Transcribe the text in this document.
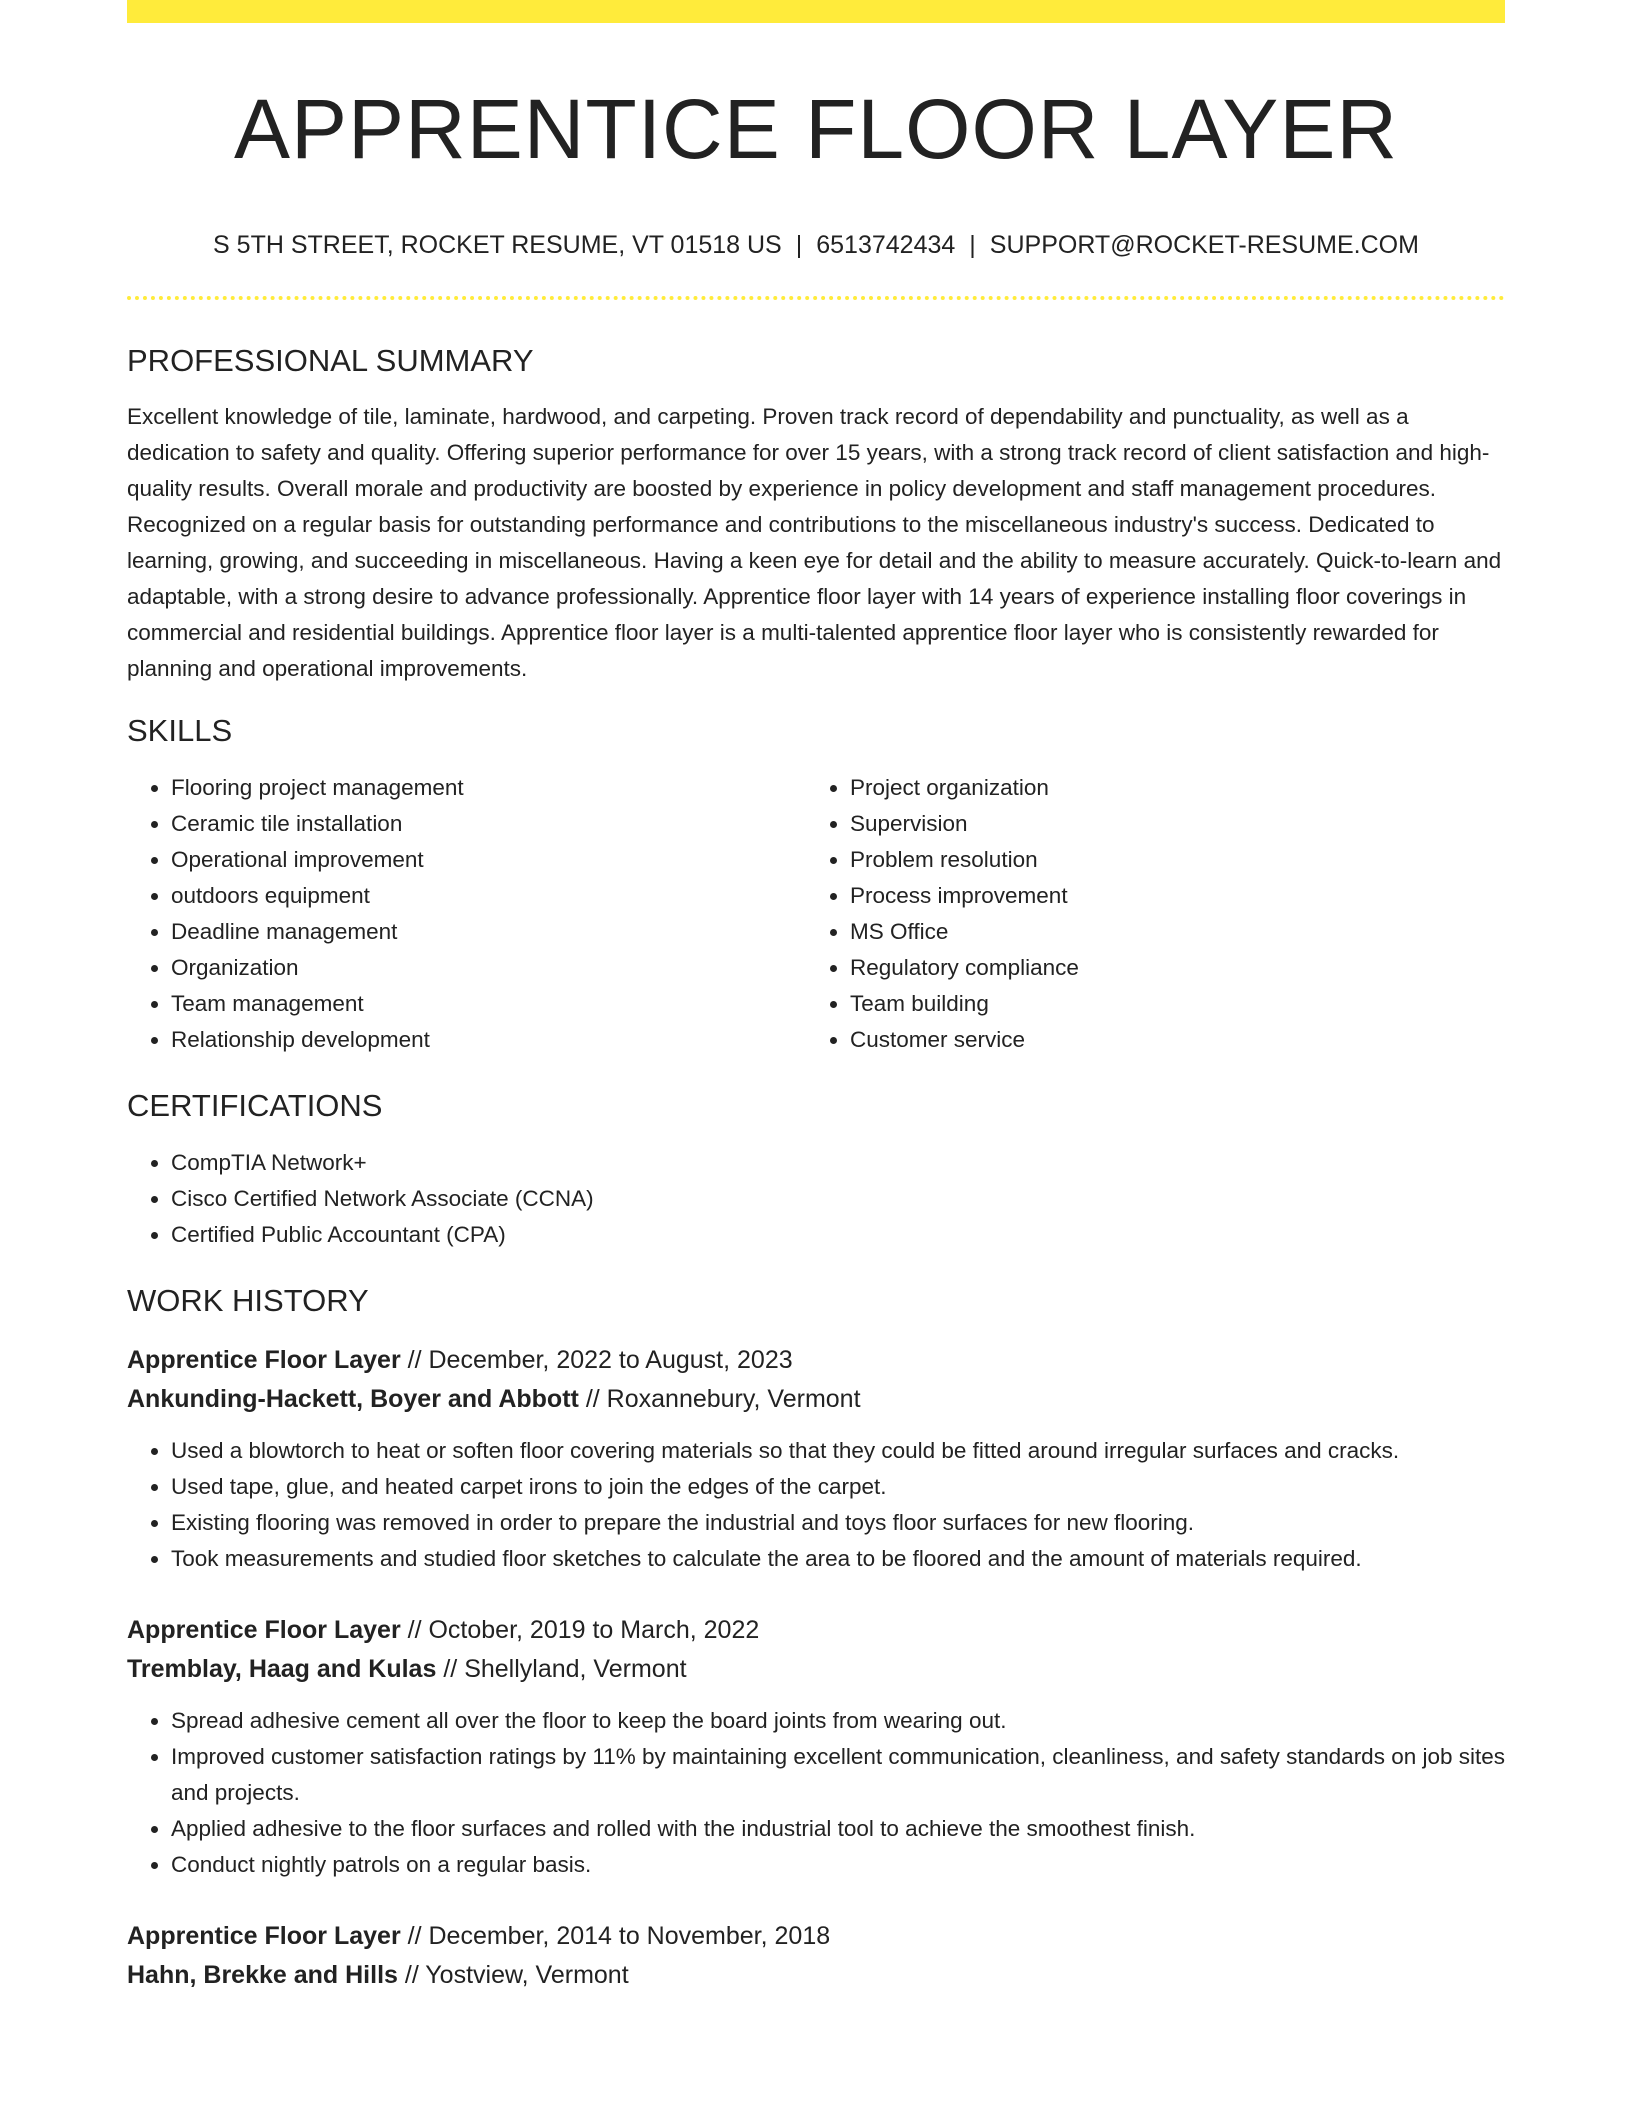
APPRENTICE FLOOR LAYER
S 5TH STREET, ROCKET RESUME, VT 01518 US | 6513742434 | SUPPORT@ROCKET-RESUME.COM
PROFESSIONAL SUMMARY

Excellent knowledge of tile, laminate, hardwood, and carpeting. Proven track record of dependability and punctuality, as well as a dedication to safety and quality. Offering superior performance for over 15 years, with a strong track record of client satisfaction and high-quality results. Overall morale and productivity are boosted by experience in policy development and staff management procedures. Recognized on a regular basis for outstanding performance and contributions to the miscellaneous industry's success. Dedicated to learning, growing, and succeeding in miscellaneous. Having a keen eye for detail and the ability to measure accurately. Quick-to-learn and adaptable, with a strong desire to advance professionally. Apprentice floor layer with 14 years of experience installing floor coverings in commercial and residential buildings. Apprentice floor layer is a multi-talented apprentice floor layer who is consistently rewarded for planning and operational improvements.

SKILLS
• Flooring project management
• Ceramic tile installation
• Operational improvement
• outdoors equipment
• Deadline management
• Organization
• Team management
• Relationship development
• Project organization
• Supervision
• Problem resolution
• Process improvement
• MS Office
• Regulatory compliance
• Team building
• Customer service
CERTIFICATIONS
• CompTIA Network+
• Cisco Certified Network Associate (CCNA)
• Certified Public Accountant (CPA)
WORK HISTORY
Apprentice Floor Layer // December, 2022 to August, 2023
Ankunding-Hackett, Boyer and Abbott // Roxannebury, Vermont
• Used a blowtorch to heat or soften floor covering materials so that they could be fitted around irregular surfaces and cracks.
• Used tape, glue, and heated carpet irons to join the edges of the carpet.
• Existing flooring was removed in order to prepare the industrial and toys floor surfaces for new flooring.
• Took measurements and studied floor sketches to calculate the area to be floored and the amount of materials required.
Apprentice Floor Layer // October, 2019 to March, 2022
Tremblay, Haag and Kulas // Shellyland, Vermont
• Spread adhesive cement all over the floor to keep the board joints from wearing out.
• Improved customer satisfaction ratings by 11% by maintaining excellent communication, cleanliness, and safety standards on job sites and projects.
• Applied adhesive to the floor surfaces and rolled with the industrial tool to achieve the smoothest finish.
• Conduct nightly patrols on a regular basis.
Apprentice Floor Layer // December, 2014 to November, 2018
Hahn, Brekke and Hills // Yostview, Vermont
